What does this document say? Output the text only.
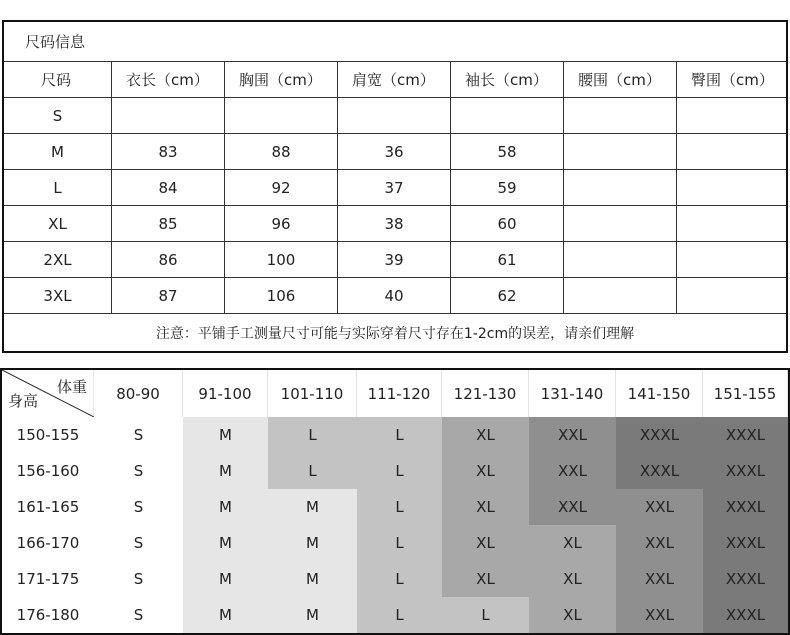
尺码信息
尺码	衣长（cm）	胸围（cm）	肩宽（cm）	袖长（cm）	腰围（cm）	臀围（cm）
S
M	83	88	36	58
L	84	92	37	59
XL	85	96	38	60
2XL	86	100	39	61
3XL	87	106	40	62
注意：平铺手工测量尺寸可能与实际穿着尺寸存在1-2cm的误差，请亲们理解
体重
身高	80-90	91-100	101-110	111-120	121-130	131-140	141-150	151-155
150-155	S	M	L	L	XL	XXL	XXXL	XXXL
156-160	S	M	L	L	XL	XXL	XXXL	XXXL
161-165	S	M	M	L	XL	XXL	XXL	XXXL
166-170	S	M	M	L	XL	XL	XXL	XXXL
171-175	S	M	M	L	XL	XL	XXL	XXXL
176-180	S	M	M	L	L	XL	XXL	XXXL
